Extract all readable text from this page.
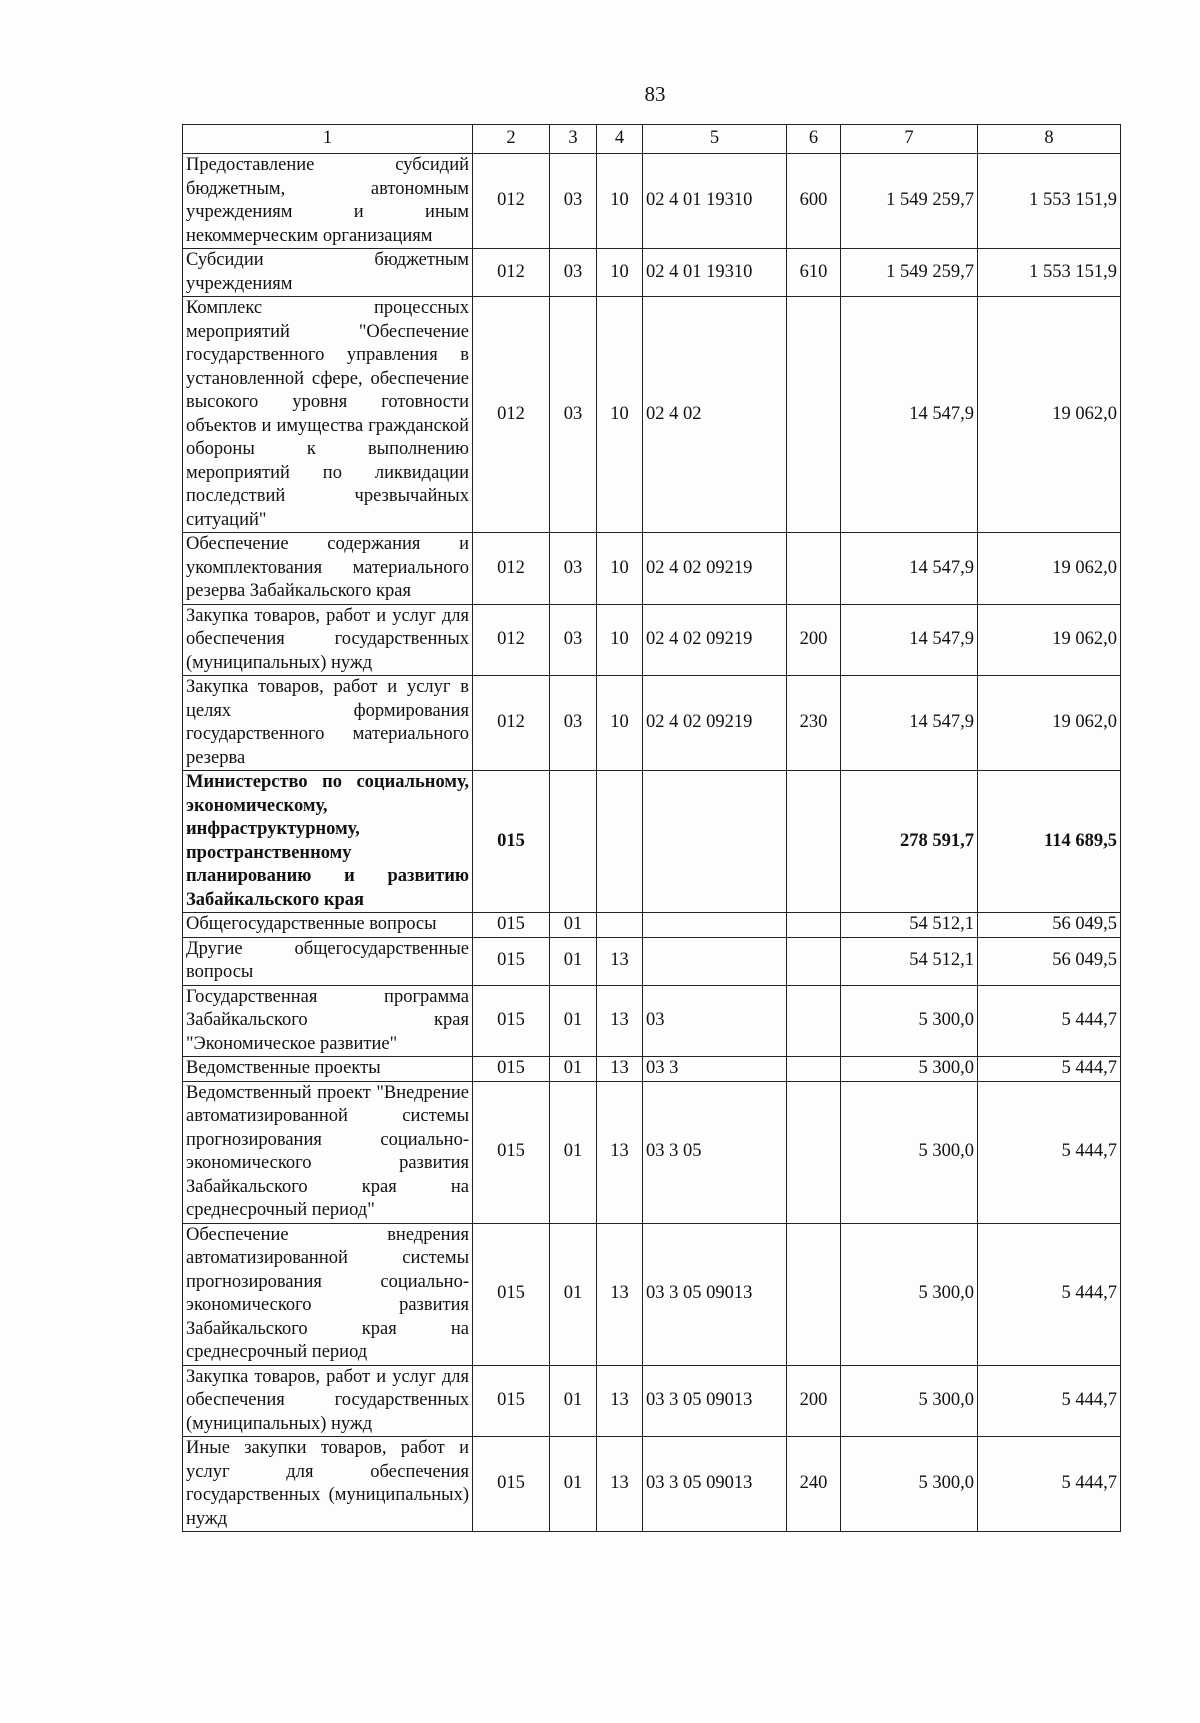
83
1	2	3	4	5	6	7	8
Предоставление субсидий бюджетным, автономным учреждениям и иным некоммерческим организациям	012	03	10	02 4 01 19310	600	1 549 259,7	1 553 151,9
Субсидии бюджетным учреждениям	012	03	10	02 4 01 19310	610	1 549 259,7	1 553 151,9
Комплекс процессных мероприятий "Обеспечение государственного управления в установленной сфере, обеспечение высокого уровня готовности объектов и имущества гражданской обороны к выполнению мероприятий по ликвидации последствий чрезвычайных ситуаций"	012	03	10	02 4 02		14 547,9	19 062,0
Обеспечение содержания и укомплектования материального резерва Забайкальского края	012	03	10	02 4 02 09219		14 547,9	19 062,0
Закупка товаров, работ и услуг для обеспечения государственных (муниципальных) нужд	012	03	10	02 4 02 09219	200	14 547,9	19 062,0
Закупка товаров, работ и услуг в целях формирования государственного материального резерва	012	03	10	02 4 02 09219	230	14 547,9	19 062,0
Министерство по социальному, экономическому, инфраструктурному, пространственному планированию и развитию Забайкальского края	015					278 591,7	114 689,5
Общегосударственные вопросы	015	01				54 512,1	56 049,5
Другие общегосударственные вопросы	015	01	13			54 512,1	56 049,5
Государственная программа Забайкальского края "Экономическое развитие"	015	01	13	03		5 300,0	5 444,7
Ведомственные проекты	015	01	13	03 3		5 300,0	5 444,7
Ведомственный проект "Внедрение автоматизированной системы прогнозирования социально-экономического развития Забайкальского края на среднесрочный период"	015	01	13	03 3 05		5 300,0	5 444,7
Обеспечение внедрения автоматизированной системы прогнозирования социально-экономического развития Забайкальского края на среднесрочный период	015	01	13	03 3 05 09013		5 300,0	5 444,7
Закупка товаров, работ и услуг для обеспечения государственных (муниципальных) нужд	015	01	13	03 3 05 09013	200	5 300,0	5 444,7
Иные закупки товаров, работ и услуг для обеспечения государственных (муниципальных) нужд	015	01	13	03 3 05 09013	240	5 300,0	5 444,7
